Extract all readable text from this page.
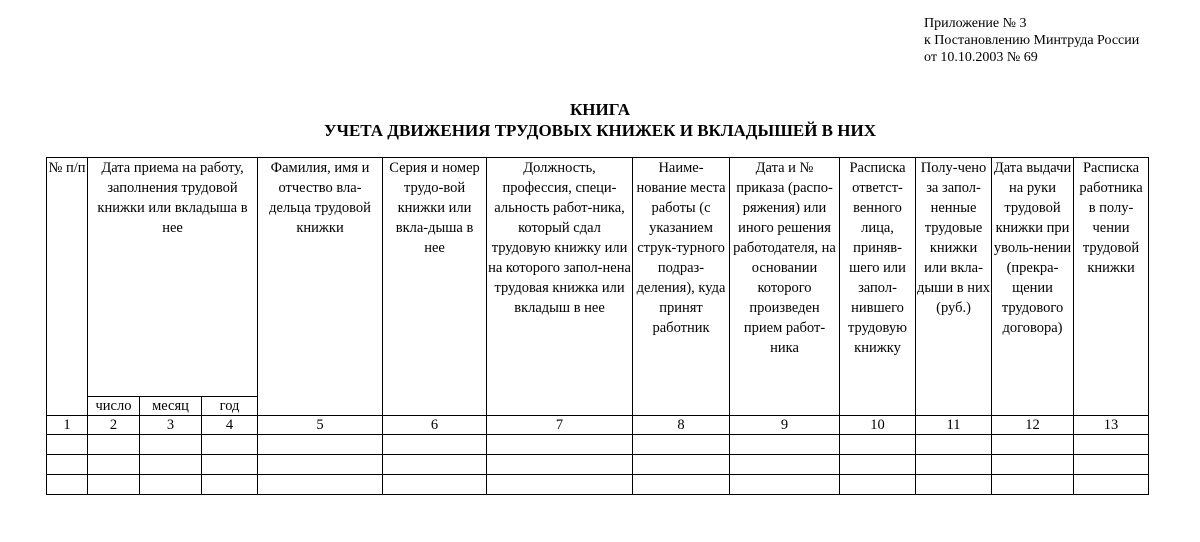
Приложение № 3
к Постановлению Минтруда России
от 10.10.2003 № 69
КНИГА
УЧЕТА ДВИЖЕНИЯ ТРУДОВЫХ КНИЖЕК И ВКЛАДЫШЕЙ В НИХ
№ п/п	Дата приема на работу, заполнения трудовой книжки или вкладыша в нее			Фамилия, имя и отчество вла-дельца трудовой книжки	Серия и номер трудо-вой книжки или вкла-дыша в нее	Должность, профессия, специ-альность работ-ника, который сдал трудовую книжку или на которого запол-нена трудовая книжка или вкладыш в нее	Наиме-нование места работы (с указанием струк-турного подраз-деления), куда принят работник	Дата и № приказа (распо-ряжения) или иного решения работодателя, на основании которого произведен прием работ-ника	Расписка ответст-венного лица, приняв-шего или запол-нившего трудовую книжку	Полу-чено за запол-ненные трудовые книжки или вкла-дыши в них (руб.)	Дата выдачи на руки трудовой книжки при уволь-нении (прекра-щении трудового договора)	Расписка работника в полу-чении трудовой книжки
	число	месяц	год									
1	2	3	4	5	6	7	8	9	10	11	12	13
